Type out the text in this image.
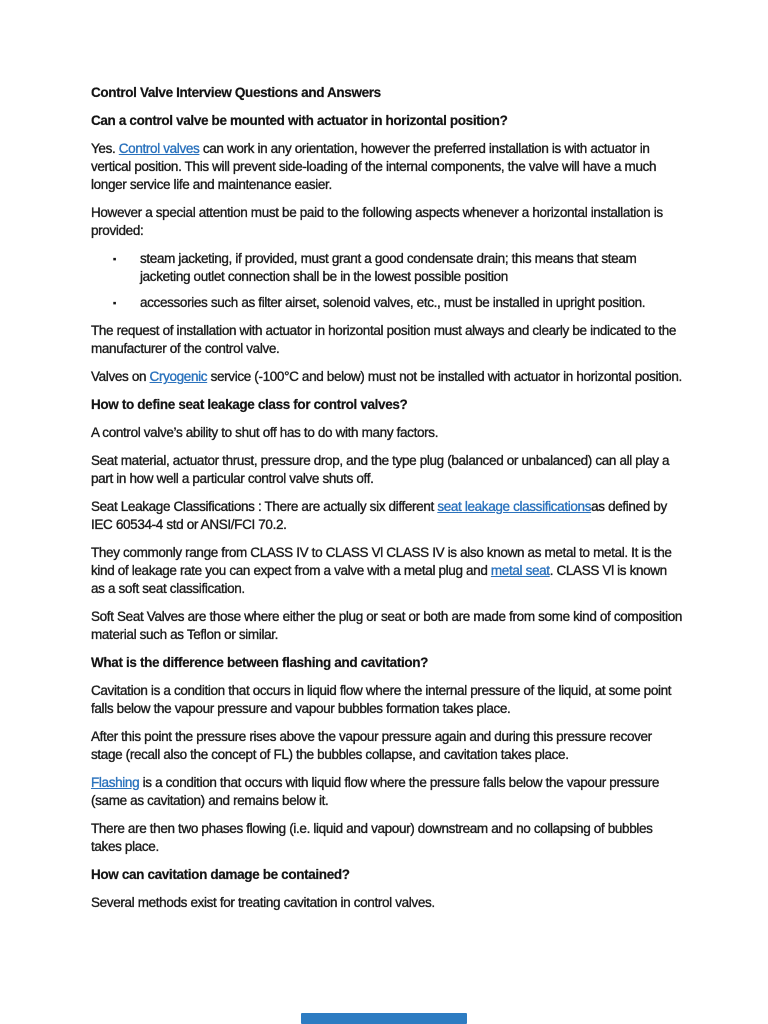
Control Valve Interview Questions and Answers

Can a control valve be mounted with actuator in horizontal position?

Yes. Control valves can work in any orientation, however the preferred installation is with actuator in vertical position. This will prevent side-loading of the internal components, the valve will have a much longer service life and maintenance easier.

However a special attention must be paid to the following aspects whenever a horizontal installation is provided:

▪	steam jacketing, if provided, must grant a good condensate drain; this means that steam jacketing outlet connection shall be in the lowest possible position
▪	accessories such as filter airset, solenoid valves, etc., must be installed in upright position.

The request of installation with actuator in horizontal position must always and clearly be indicated to the manufacturer of the control valve.

Valves on Cryogenic service (-100°C and below) must not be installed with actuator in horizontal position.

How to define seat leakage class for control valves?

A control valve’s ability to shut off has to do with many factors.

Seat material, actuator thrust, pressure drop, and the type plug (balanced or unbalanced) can all play a part in how well a particular control valve shuts off.

Seat Leakage Classifications : There are actually six different seat leakage classificationsas defined by IEC 60534-4 std or ANSI/FCI 70.2.

They commonly range from CLASS IV to CLASS Vl CLASS IV is also known as metal to metal. It is the kind of leakage rate you can expect from a valve with a metal plug and metal seat. CLASS Vl is known as a soft seat classification.

Soft Seat Valves are those where either the plug or seat or both are made from some kind of composition material such as Teflon or similar.

What is the difference between flashing and cavitation?

Cavitation is a condition that occurs in liquid flow where the internal pressure of the liquid, at some point falls below the vapour pressure and vapour bubbles formation takes place.

After this point the pressure rises above the vapour pressure again and during this pressure recover stage (recall also the concept of FL) the bubbles collapse, and cavitation takes place.

Flashing is a condition that occurs with liquid flow where the pressure falls below the vapour pressure (same as cavitation) and remains below it.

There are then two phases flowing (i.e. liquid and vapour) downstream and no collapsing of bubbles takes place.

How can cavitation damage be contained?

Several methods exist for treating cavitation in control valves.
